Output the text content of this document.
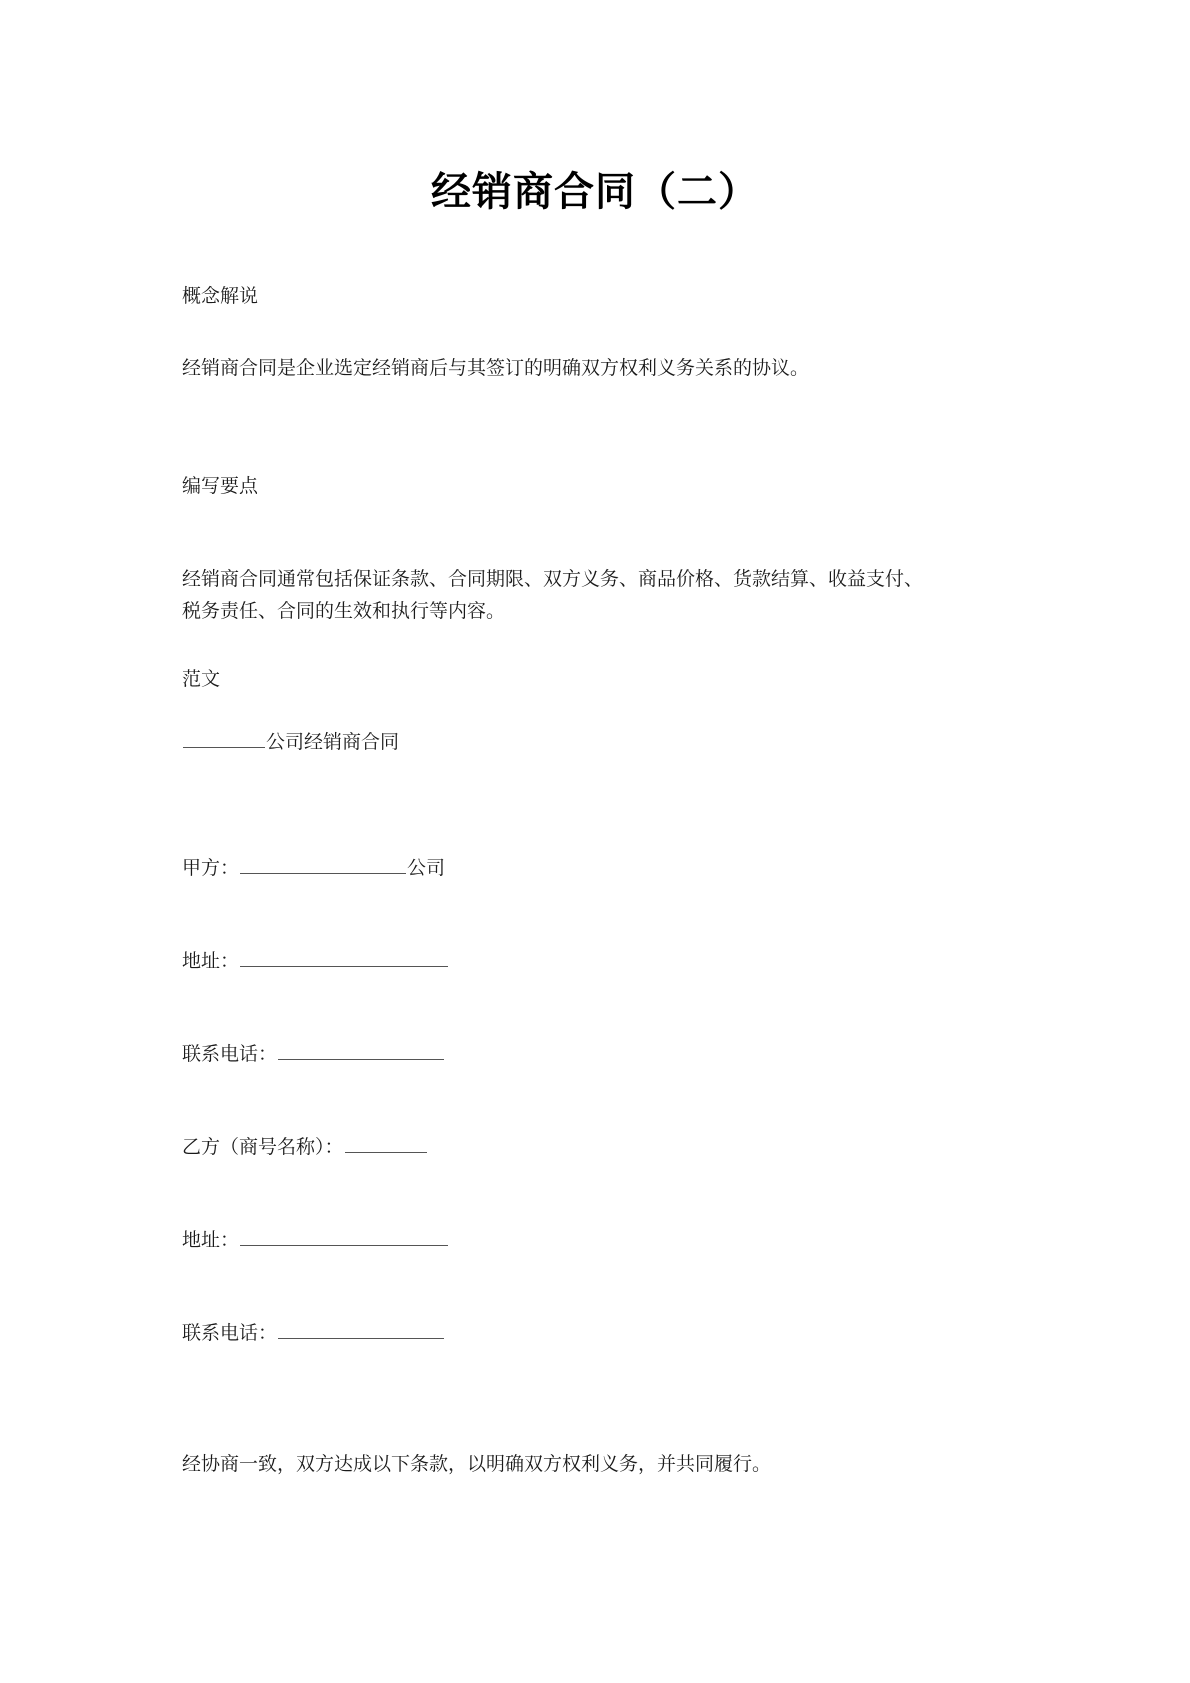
经销商合同（二）
概念解说
经销商合同是企业选定经销商后与其签订的明确双方权利义务关系的协议。
编写要点
经销商合同通常包括保证条款、合同期限、双方义务、商品价格、货款结算、收益支付、
税务责任、合同的生效和执行等内容。
范文
公司经销商合同
甲方：	公司
地址：
联系电话：
乙方（商号名称）：
地址：
联系电话：
经协商一致，双方达成以下条款，以明确双方权利义务，并共同履行。
